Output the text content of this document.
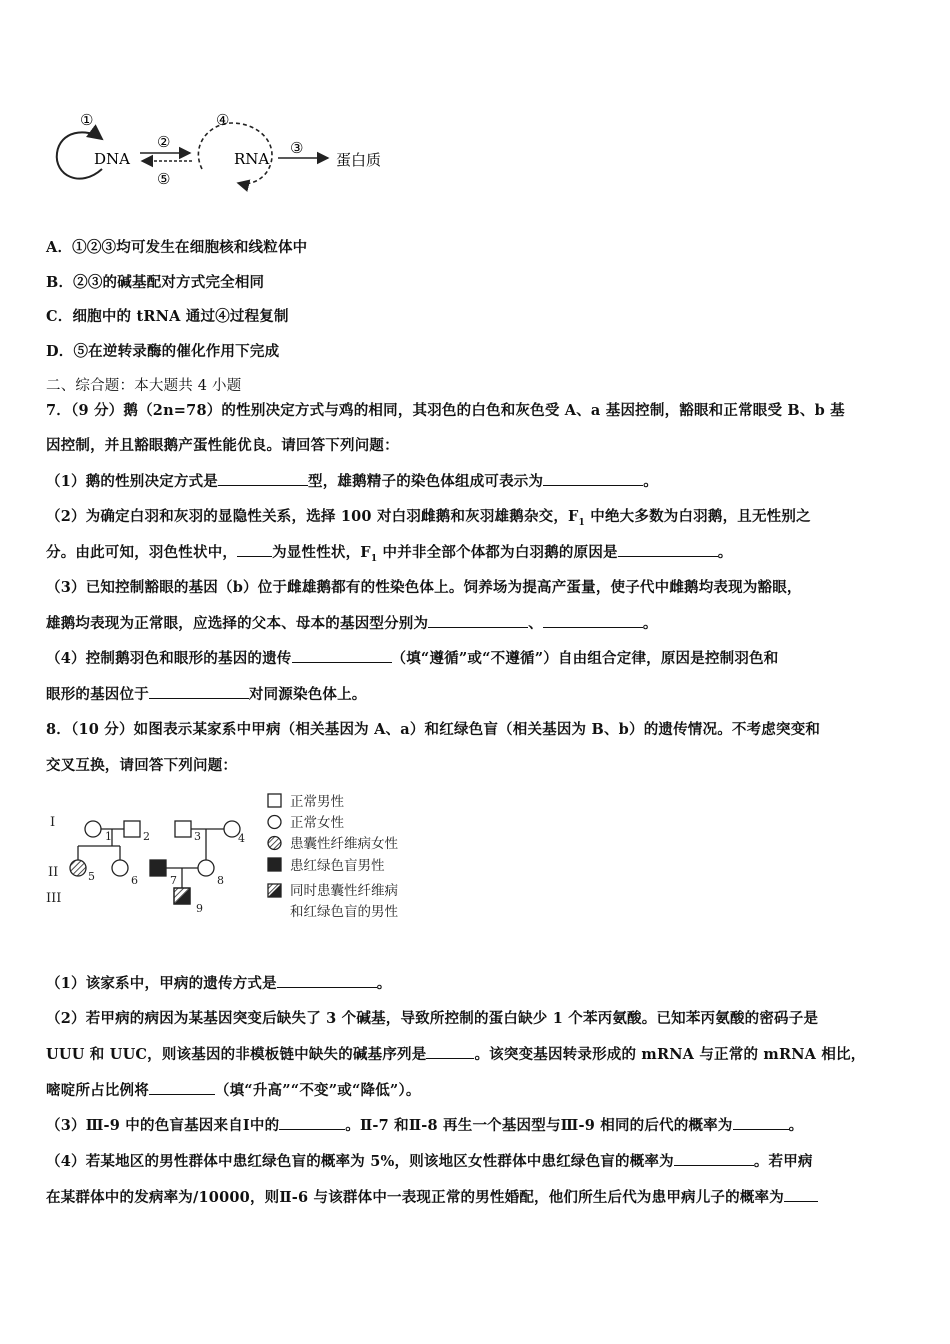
①
DNA
②
⑤
④
RNA
③
蛋白质
A．①②③均可发生在细胞核和线粒体中
B．②③的碱基配对方式完全相同
C．细胞中的 tRNA 通过④过程复制
D．⑤在逆转录酶的催化作用下完成
二、综合题：本大题共 4 小题
7．（9 分）鹅（2n=78）的性别决定方式与鸡的相同，其羽色的白色和灰色受 A、a 基因控制，豁眼和正常眼受 B、b 基
因控制，并且豁眼鹅产蛋性能优良。请回答下列问题：
（1）鹅的性别决定方式是	型，雄鹅精子的染色体组成可表示为	。
（2）为确定白羽和灰羽的显隐性关系，选择 100 对白羽雌鹅和灰羽雄鹅杂交，$F_1$ 中绝大多数为白羽鹅，且无性别之
分。由此可知，羽色性状中， 为显性性状，$F_1$ 中并非全部个体都为白羽鹅的原因是	。
（3）已知控制豁眼的基因（b）位于雌雄鹅都有的性染色体上。饲养场为提高产蛋量，使子代中雌鹅均表现为豁眼，
雄鹅均表现为正常眼，应选择的父本、母本的基因型分别为	、	。
（4）控制鹅羽色和眼形的基因的遗传	（填“遵循”或“不遵循”）自由组合定律，原因是控制羽色和
眼形的基因位于	对同源染色体上。
8．（10 分）如图表示某家系中甲病（相关基因为 A、a）和红绿色盲（相关基因为 B、b）的遗传情况。不考虑突变和
交叉互换，请回答下列问题：
I
II
III
1	2	3	4
5	6	7	8
9
正常男性
正常女性
患囊性纤维病女性
患红绿色盲男性
同时患囊性纤维病
和红绿色盲的男性
（1）该家系中，甲病的遗传方式是	。
（2）若甲病的病因为某基因突变后缺失了 3 个碱基，导致所控制的蛋白缺少 1 个苯丙氨酸。已知苯丙氨酸的密码子是
UUU 和 UUC，则该基因的非模板链中缺失的碱基序列是	。该突变基因转录形成的 mRNA 与正常的 mRNA 相比，
嘧啶所占比例将	（填“升高”“不变”或“降低”）。
（3）Ⅲ-9 中的色盲基因来自Ⅰ中的	。Ⅱ-7 和Ⅱ-8 再生一个基因型与Ⅲ-9 相同的后代的概率为	。
（4）若某地区的男性群体中患红绿色盲的概率为 5%，则该地区女性群体中患红绿色盲的概率为	。若甲病
在某群体中的发病率为/10000，则Ⅱ-6 与该群体中一表现正常的男性婚配，他们所生后代为患甲病儿子的概率为
